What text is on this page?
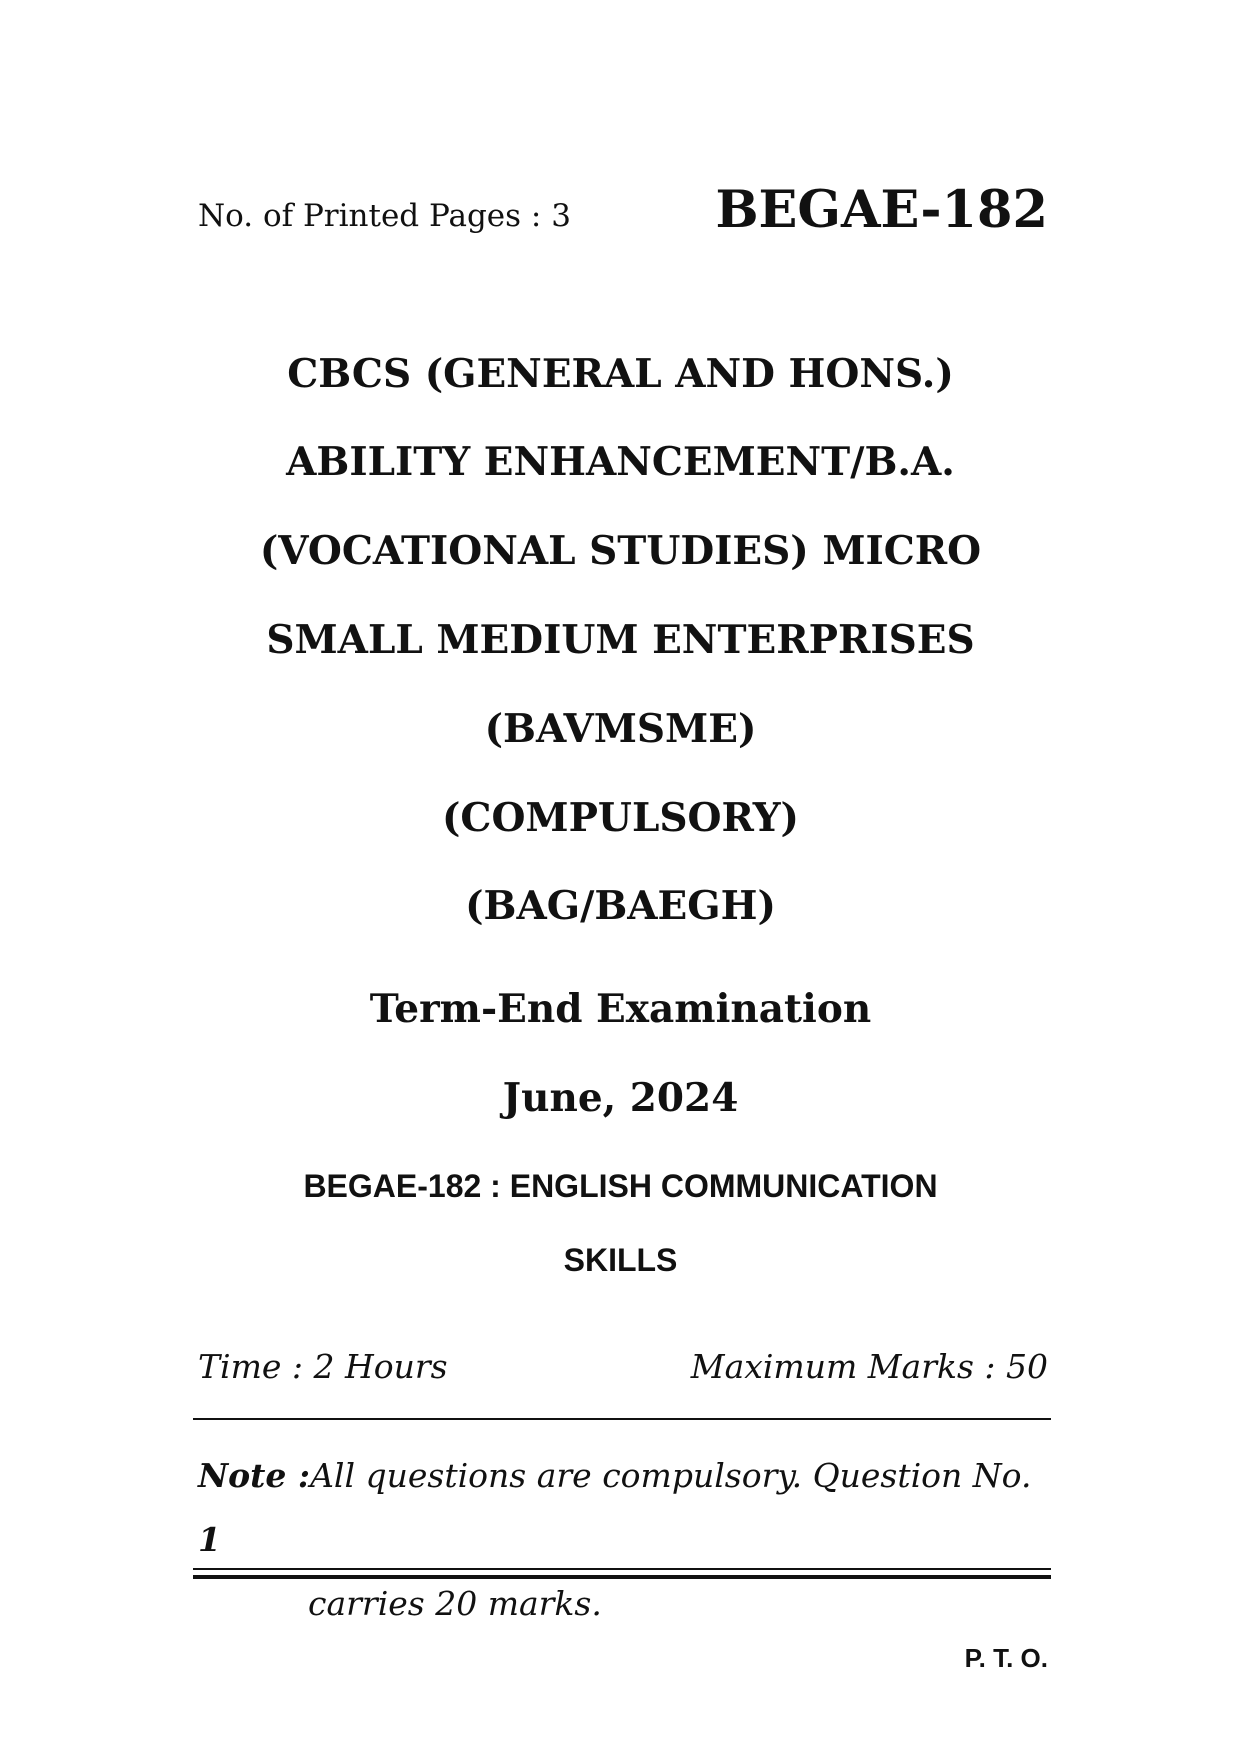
No. of Printed Pages : 3	BEGAE-182
CBCS (GENERAL AND HONS.)
ABILITY ENHANCEMENT/B.A.
(VOCATIONAL STUDIES) MICRO
SMALL MEDIUM ENTERPRISES
(BAVMSME)
(COMPULSORY)
(BAG/BAEGH)
Term-End Examination
June, 2024
BEGAE-182 : ENGLISH COMMUNICATION
SKILLS
Time : 2 Hours	Maximum Marks : 50
Note :All questions are compulsory. Question No. 1
carries 20 marks.
P. T. O.
